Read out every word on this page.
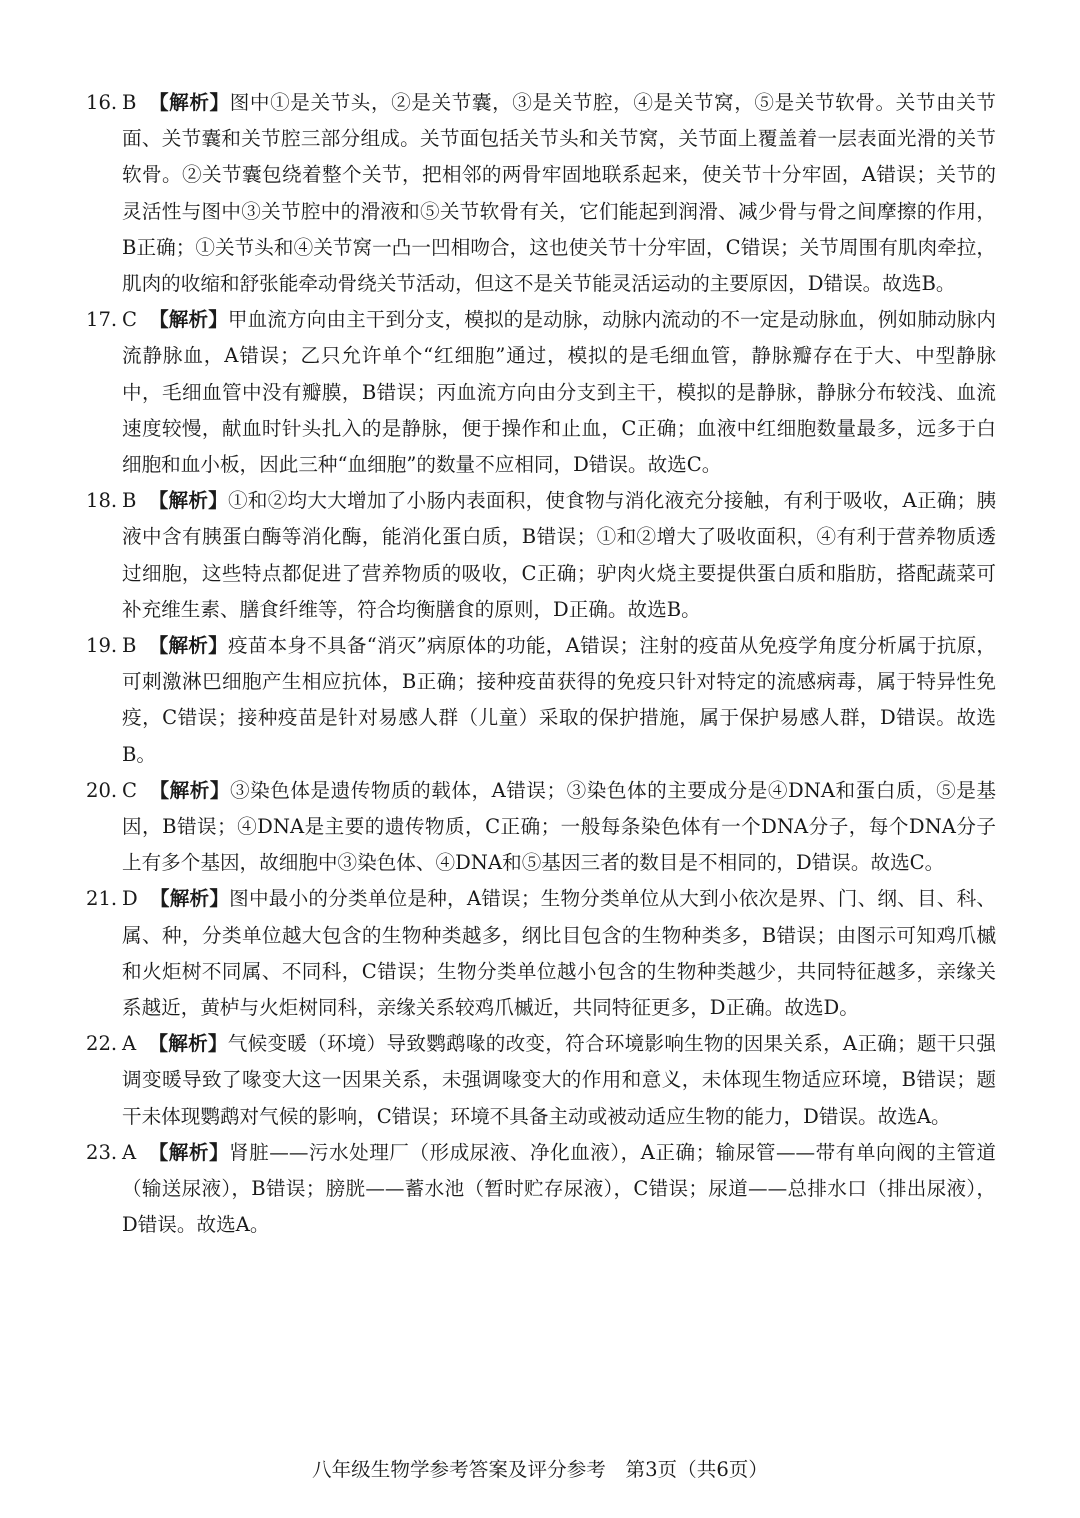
16. B 【解析】图中①是关节头，②是关节囊，③是关节腔，④是关节窝，⑤是关节软骨。关节由关节面、关节囊和关节腔三部分组成。关节面包括关节头和关节窝，关节面上覆盖着一层表面光滑的关节软骨。②关节囊包绕着整个关节，把相邻的两骨牢固地联系起来，使关节十分牢固，A错误；关节的灵活性与图中③关节腔中的滑液和⑤关节软骨有关，它们能起到润滑、减少骨与骨之间摩擦的作用，B正确；①关节头和④关节窝一凸一凹相吻合，这也使关节十分牢固，C错误；关节周围有肌肉牵拉，肌肉的收缩和舒张能牵动骨绕关节活动，但这不是关节能灵活运动的主要原因，D错误。故选B。
17. C 【解析】甲血流方向由主干到分支，模拟的是动脉，动脉内流动的不一定是动脉血，例如肺动脉内流静脉血，A错误；乙只允许单个“红细胞”通过，模拟的是毛细血管，静脉瓣存在于大、中型静脉中，毛细血管中没有瓣膜，B错误；丙血流方向由分支到主干，模拟的是静脉，静脉分布较浅、血流速度较慢，献血时针头扎入的是静脉，便于操作和止血，C正确；血液中红细胞数量最多，远多于白细胞和血小板，因此三种“血细胞”的数量不应相同，D错误。故选C。
18. B 【解析】①和②均大大增加了小肠内表面积，使食物与消化液充分接触，有利于吸收，A正确；胰液中含有胰蛋白酶等消化酶，能消化蛋白质，B错误；①和②增大了吸收面积，④有利于营养物质透过细胞，这些特点都促进了营养物质的吸收，C正确；驴肉火烧主要提供蛋白质和脂肪，搭配蔬菜可补充维生素、膳食纤维等，符合均衡膳食的原则，D正确。故选B。
19. B 【解析】疫苗本身不具备“消灭”病原体的功能，A错误；注射的疫苗从免疫学角度分析属于抗原，可刺激淋巴细胞产生相应抗体，B正确；接种疫苗获得的免疫只针对特定的流感病毒，属于特异性免疫，C错误；接种疫苗是针对易感人群（儿童）采取的保护措施，属于保护易感人群，D错误。故选B。
20. C 【解析】③染色体是遗传物质的载体，A错误；③染色体的主要成分是④DNA和蛋白质，⑤是基因，B错误；④DNA是主要的遗传物质，C正确；一般每条染色体有一个DNA分子，每个DNA分子上有多个基因，故细胞中③染色体、④DNA和⑤基因三者的数目是不相同的，D错误。故选C。
21. D 【解析】图中最小的分类单位是种，A错误；生物分类单位从大到小依次是界、门、纲、目、科、属、种，分类单位越大包含的生物种类越多，纲比目包含的生物种类多，B错误；由图示可知鸡爪槭和火炬树不同属、不同科，C错误；生物分类单位越小包含的生物种类越少，共同特征越多，亲缘关系越近，黄栌与火炬树同科，亲缘关系较鸡爪槭近，共同特征更多，D正确。故选D。
22. A 【解析】气候变暖（环境）导致鹦鹉喙的改变，符合环境影响生物的因果关系，A正确；题干只强调变暖导致了喙变大这一因果关系，未强调喙变大的作用和意义，未体现生物适应环境，B错误；题干未体现鹦鹉对气候的影响，C错误；环境不具备主动或被动适应生物的能力，D错误。故选A。
23. A 【解析】肾脏——污水处理厂（形成尿液、净化血液），A正确；输尿管——带有单向阀的主管道（输送尿液），B错误；膀胱——蓄水池（暂时贮存尿液），C错误；尿道——总排水口（排出尿液），D错误。故选A。
八年级生物学参考答案及评分参考　第3页（共6页）
